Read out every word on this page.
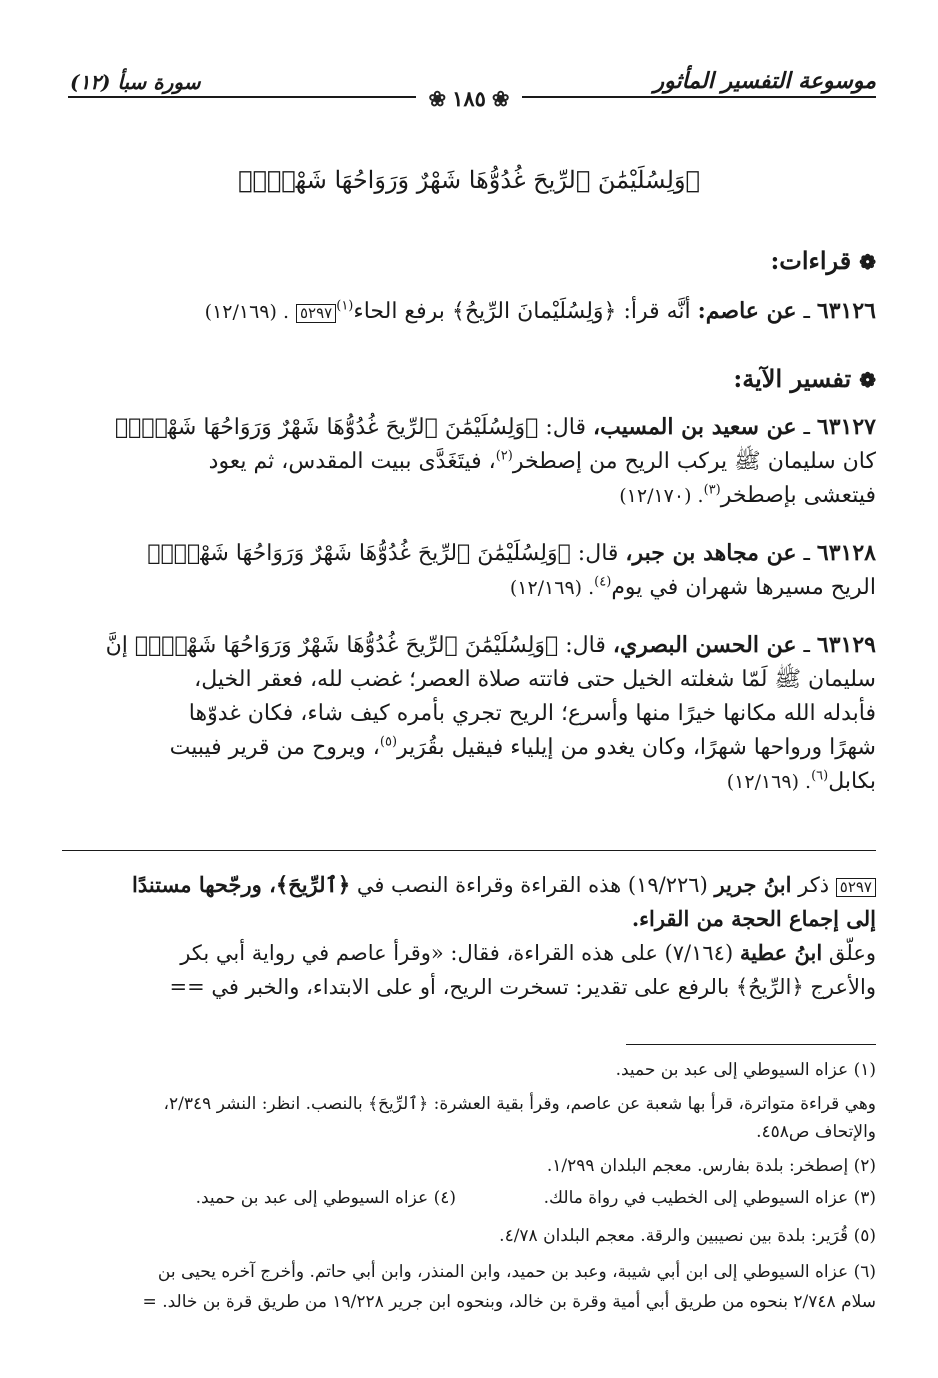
موسوعة التفسير المأثور
سورة سبأ (١٢)
❀١٨٥❀
﴿وَلِسُلَيْمَٰنَ ٱلرِّيحَ غُدُوُّهَا شَهْرٌ وَرَوَاحُهَا شَهْرٌۖ﴾
❁قراءات:
٦٣١٢٦ ـ عن عاصم: أنَّه قرأ: ﴿وَلِسُلَيْمانَ الرِّيحُ﴾ برفع الحاء$^{(١)}$٥٢٩٧ . (١٢/١٦٩)
❁تفسير الآية:
٦٣١٢٧ ـ عن سعيد بن المسيب، قال: ﴿وَلِسُلَيْمَٰنَ ٱلرِّيحَ غُدُوُّهَا شَهْرٌ وَرَوَاحُهَا شَهْرٌۖ﴾
كان سليمان ﷺ يركب الريح من إصطخر$^{(٢)}$، فيتَغَدَّى ببيت المقدس، ثم يعود
فيتعشى بإصطخر$^{(٣)}$. (١٢/١٧٠)
٦٣١٢٨ ـ عن مجاهد بن جبر، قال: ﴿وَلِسُلَيْمَٰنَ ٱلرِّيحَ غُدُوُّهَا شَهْرٌ وَرَوَاحُهَا شَهْرٌۖ﴾
الريح مسيرها شهران في يوم$^{(٤)}$. (١٢/١٦٩)
٦٣١٢٩ ـ عن الحسن البصري، قال: ﴿وَلِسُلَيْمَٰنَ ٱلرِّيحَ غُدُوُّهَا شَهْرٌ وَرَوَاحُهَا شَهْرٌۖ﴾ إنَّ
سليمان ﷺ لَمّا شغلته الخيل حتى فاتته صلاة العصر؛ غضب لله، فعقر الخيل،
فأبدله الله مكانها خيرًا منها وأسرع؛ الريح تجري بأمره كيف شاء، فكان غدوّها
شهرًا ورواحها شهرًا، وكان يغدو من إيلياء فيقيل بقُرَير$^{(٥)}$، ويروح من قرير فيبيت
بكابل$^{(٦)}$. (١٢/١٦٩)
٥٢٩٧ ذكر ابنُ جرير (١٩/٢٢٦) هذه القراءة وقراءة النصب في ﴿ٱلرِّيحَ﴾، ورجّحها مستندًا
إلى إجماع الحجة من القراء.
وعلّق ابنُ عطية (٧/١٦٤) على هذه القراءة، فقال: «وقرأ عاصم في رواية أبي بكر
والأعرج ﴿الرِّيحُ﴾ بالرفع على تقدير: تسخرت الريح، أو على الابتداء، والخبر في ==
(١) عزاه السيوطي إلى عبد بن حميد.
وهي قراءة متواترة، قرأ بها شعبة عن عاصم، وقرأ بقية العشرة: ﴿ٱلرِّيحَ﴾ بالنصب. انظر: النشر ٢/٣٤٩،
والإتحاف ص٤٥٨.
(٢) إصطخر: بلدة بفارس. معجم البلدان ١/٢٩٩.
(٣) عزاه السيوطي إلى الخطيب في رواة مالك.
(٤) عزاه السيوطي إلى عبد بن حميد.
(٥) قُرَير: بلدة بين نصيبين والرقة. معجم البلدان ٤/٧٨.
(٦) عزاه السيوطي إلى ابن أبي شيبة، وعبد بن حميد، وابن المنذر، وابن أبي حاتم. وأخرج آخره يحيى بن
سلام ٢/٧٤٨ بنحوه من طريق أبي أمية وقرة بن خالد، وبنحوه ابن جرير ١٩/٢٢٨ من طريق قرة بن خالد. =
